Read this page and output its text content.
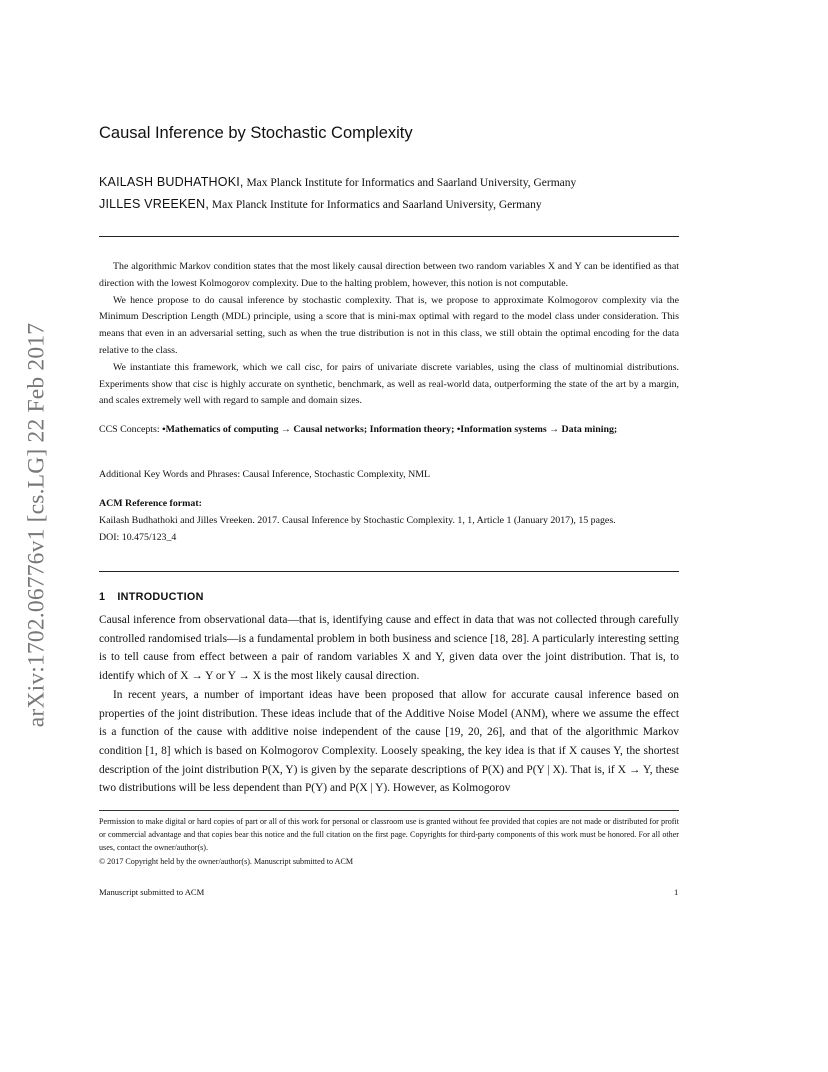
arXiv:1702.06776v1 [cs.LG] 22 Feb 2017
Causal Inference by Stochastic Complexity
KAILASH BUDHATHOKI, Max Planck Institute for Informatics and Saarland University, Germany
JILLES VREEKEN, Max Planck Institute for Informatics and Saarland University, Germany

The algorithmic Markov condition states that the most likely causal direction between two random variables X and Y can be identified as that direction with the lowest Kolmogorov complexity. Due to the halting problem, however, this notion is not computable.

We hence propose to do causal inference by stochastic complexity. That is, we propose to approximate Kolmogorov complexity via the Minimum Description Length (MDL) principle, using a score that is mini-max optimal with regard to the model class under consideration. This means that even in an adversarial setting, such as when the true distribution is not in this class, we still obtain the optimal encoding for the data relative to the class.

We instantiate this framework, which we call cisc, for pairs of univariate discrete variables, using the class of multinomial distributions. Experiments show that cisc is highly accurate on synthetic, benchmark, as well as real-world data, outperforming the state of the art by a margin, and scales extremely well with regard to sample and domain sizes.

CCS Concepts: •Mathematics of computing → Causal networks; Information theory; •Information systems → Data mining;
Additional Key Words and Phrases: Causal Inference, Stochastic Complexity, NML
ACM Reference format:
Kailash Budhathoki and Jilles Vreeken. 2017. Causal Inference by Stochastic Complexity. 1, 1, Article 1 (January 2017), 15 pages.
DOI: 10.475/123_4
1 INTRODUCTION

Causal inference from observational data—that is, identifying cause and effect in data that was not collected through carefully controlled randomised trials—is a fundamental problem in both business and science [18, 28]. A particularly interesting setting is to tell cause from effect between a pair of random variables X and Y, given data over the joint distribution. That is, to identify which of X → Y or Y → X is the most likely causal direction.

In recent years, a number of important ideas have been proposed that allow for accurate causal inference based on properties of the joint distribution. These ideas include that of the Additive Noise Model (ANM), where we assume the effect is a function of the cause with additive noise independent of the cause [19, 20, 26], and that of the algorithmic Markov condition [1, 8] which is based on Kolmogorov Complexity. Loosely speaking, the key idea is that if X causes Y, the shortest description of the joint distribution P(X, Y) is given by the separate descriptions of P(X) and P(Y | X). That is, if X → Y, these two distributions will be less dependent than P(Y) and P(X | Y). However, as Kolmogorov

Permission to make digital or hard copies of part or all of this work for personal or classroom use is granted without fee provided that copies are not made or distributed for profit or commercial advantage and that copies bear this notice and the full citation on the first page. Copyrights for third-party components of this work must be honored. For all other uses, contact the owner/author(s).

© 2017 Copyright held by the owner/author(s). Manuscript submitted to ACM

Manuscript submitted to ACM	1
